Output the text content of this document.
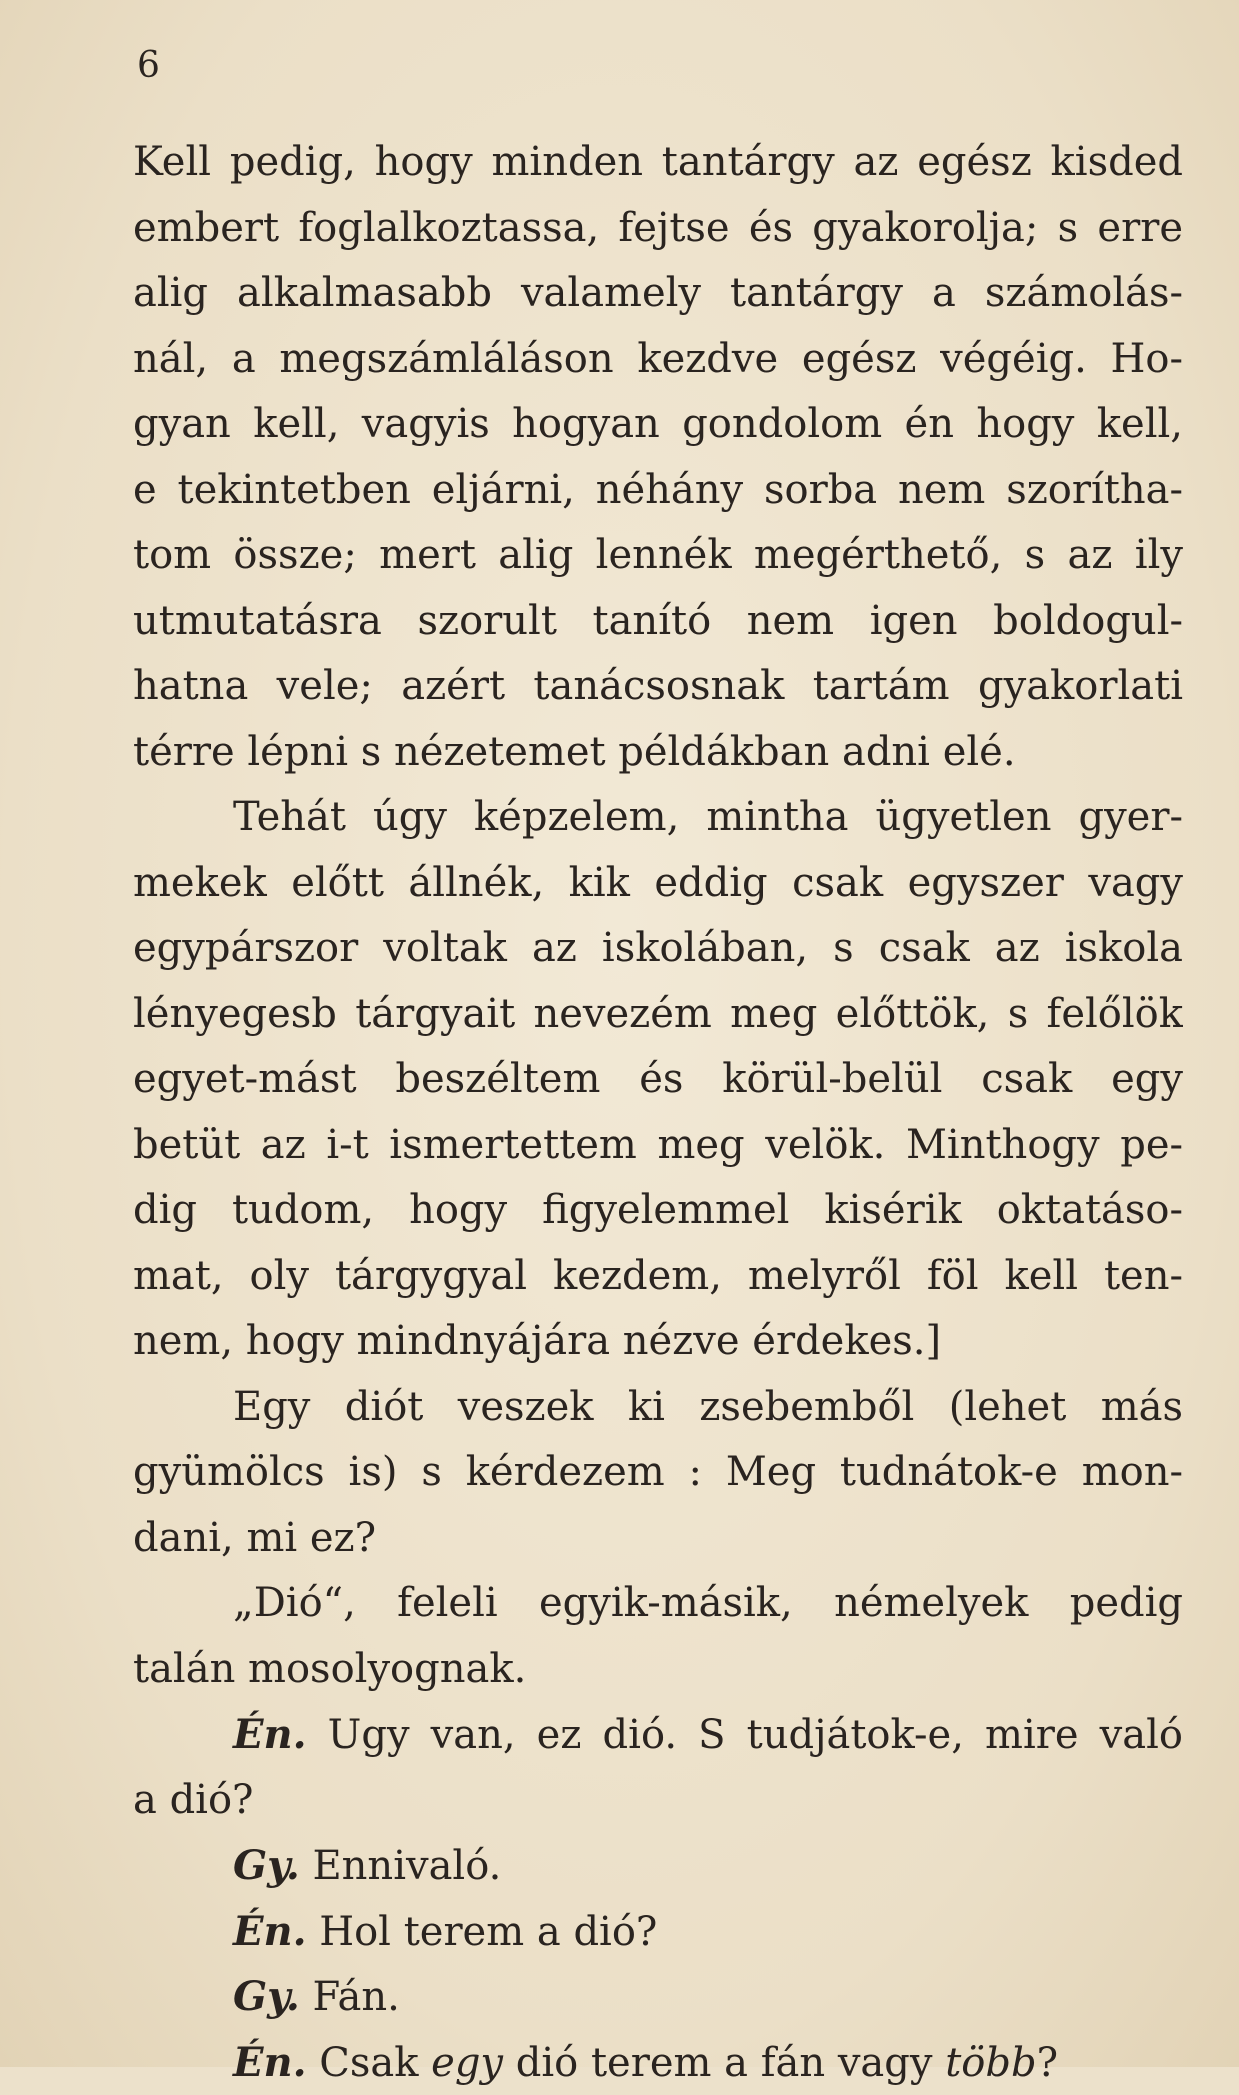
6
Kell pedig, hogy minden tantárgy az egész kisded
embert foglalkoztassa, fejtse és gyakorolja; s erre
alig alkalmasabb valamely tantárgy a számolás-
nál, a megszámláláson kezdve egész végéig. Ho-
gyan kell, vagyis hogyan gondolom én hogy kell,
e tekintetben eljárni, néhány sorba nem szorítha-
tom össze; mert alig lennék megérthető, s az ily
utmutatásra szorult tanító nem igen boldogul-
hatna vele; azért tanácsosnak tartám gyakorlati
térre lépni s nézetemet példákban adni elé.
Tehát úgy képzelem, mintha ügyetlen gyer-
mekek előtt állnék, kik eddig csak egyszer vagy
egypárszor voltak az iskolában, s csak az iskola
lényegesb tárgyait nevezém meg előttök, s felőlök
egyet-mást beszéltem és körül-belül csak egy
betüt az i-t ismertettem meg velök. Minthogy pe-
dig tudom, hogy figyelemmel kisérik oktatáso-
mat, oly tárgygyal kezdem, melyről föl kell ten-
nem, hogy mindnyájára nézve érdekes.]
Egy diót veszek ki zsebemből (lehet más
gyümölcs is) s kérdezem : Meg tudnátok-e mon-
dani, mi ez?
„Dió“, feleli egyik-másik, némelyek pedig
talán mosolyognak.
Én. Ugy van, ez dió. S tudjátok-e, mire való
a dió?
Gy. Ennivaló.
Én. Hol terem a dió?
Gy. Fán.
Én. Csak egy dió terem a fán vagy több?
